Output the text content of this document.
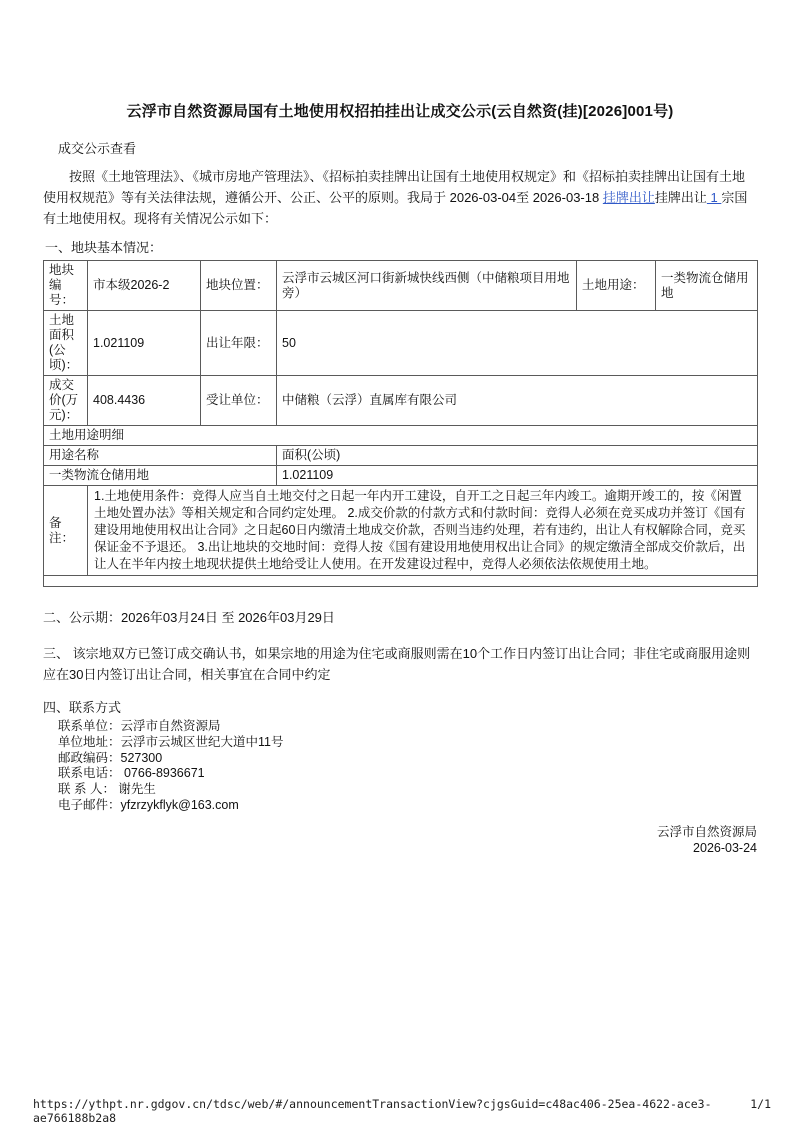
云浮市自然资源局国有土地使用权招拍挂出让成交公示(云自然资(挂)[2026]001号)
成交公示查看

按照《土地管理法》、《城市房地产管理法》、《招标拍卖挂牌出让国有土地使用权规定》和《招标拍卖挂牌出让国有土地使用权规范》等有关法律法规，遵循公开、公正、公平的原则。我局于 2026-03-04至 2026-03-18 挂牌出让挂牌出让 1 宗国有土地使用权。现将有关情况公示如下：

一、地块基本情况：
地块编号：	市本级2026-2	地块位置：	云浮市云城区河口街新城快线西侧（中储粮项目用地旁）	土地用途：	一类物流仓储用地
土地面积(公顷)：	1.021109	出让年限：	50		
成交价(万元)：	408.4436	受让单位：	中储粮（云浮）直属库有限公司		
土地用途明细					
用途名称			面积(公顷)		
一类物流仓储用地			1.021109		
备注：	1.土地使用条件：竞得人应当自土地交付之日起一年内开工建设，自开工之日起三年内竣工。逾期开竣工的，按《闲置土地处置办法》等相关规定和合同约定处理。 2.成交价款的付款方式和付款时间：竞得人必须在竞买成功并签订《国有建设用地使用权出让合同》之日起60日内缴清土地成交价款，否则当违约处理，若有违约，出让人有权解除合同，竞买保证金不予退还。 3.出让地块的交地时间：竞得人按《国有建设用地使用权出让合同》的规定缴清全部成交价款后，出让人在半年内按土地现状提供土地给受让人使用。在开发建设过程中，竞得人必须依法依规使用土地。				

二、公示期：2026年03月24日 至 2026年03月29日
三、 该宗地双方已签订成交确认书，如果宗地的用途为住宅或商服则需在10个工作日内签订出让合同；非住宅或商服用途则应在30日内签订出让合同，相关事宜在合同中约定
四、联系方式
联系单位：云浮市自然资源局
单位地址：云浮市云城区世纪大道中11号
邮政编码：527300
联系电话： 0766-8936671
联 系 人： 谢先生
电子邮件：yfzrzykflyk@163.com
云浮市自然资源局
2026-03-24
https://ythpt.nr.gdgov.cn/tdsc/web/#/announcementTransactionView?cjgsGuid=c48ac406-25ea-4622-ace3-ae766188b2a8
1/1
